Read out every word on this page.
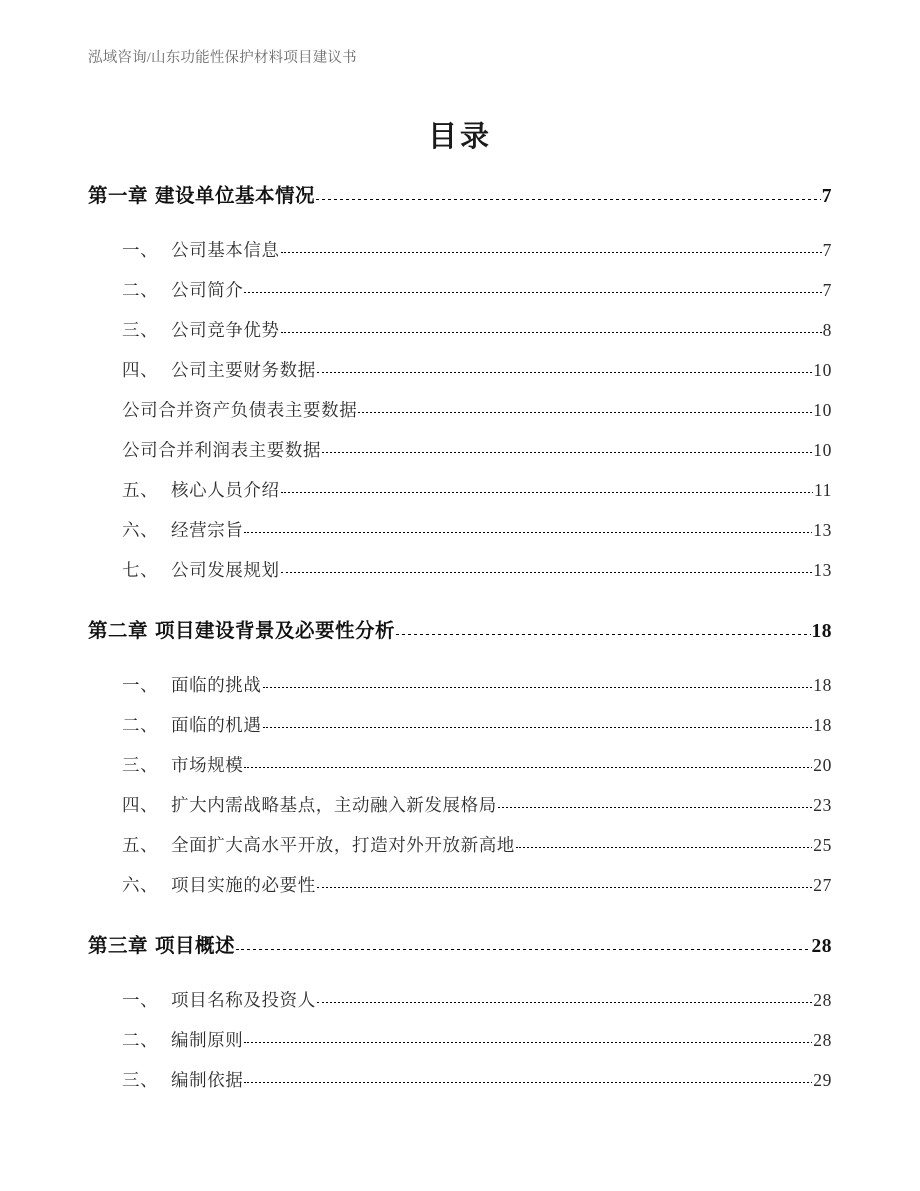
泓域咨询/山东功能性保护材料项目建议书
目录
第一章 建设单位基本情况	7
一、 公司基本信息	7
二、 公司简介	7
三、 公司竞争优势	8
四、 公司主要财务数据	10
公司合并资产负债表主要数据	10
公司合并利润表主要数据	10
五、 核心人员介绍	11
六、 经营宗旨	13
七、 公司发展规划	13
第二章 项目建设背景及必要性分析	18
一、 面临的挑战	18
二、 面临的机遇	18
三、 市场规模	20
四、 扩大内需战略基点，主动融入新发展格局	23
五、 全面扩大高水平开放，打造对外开放新高地	25
六、 项目实施的必要性	27
第三章 项目概述	28
一、 项目名称及投资人	28
二、 编制原则	28
三、 编制依据	29
